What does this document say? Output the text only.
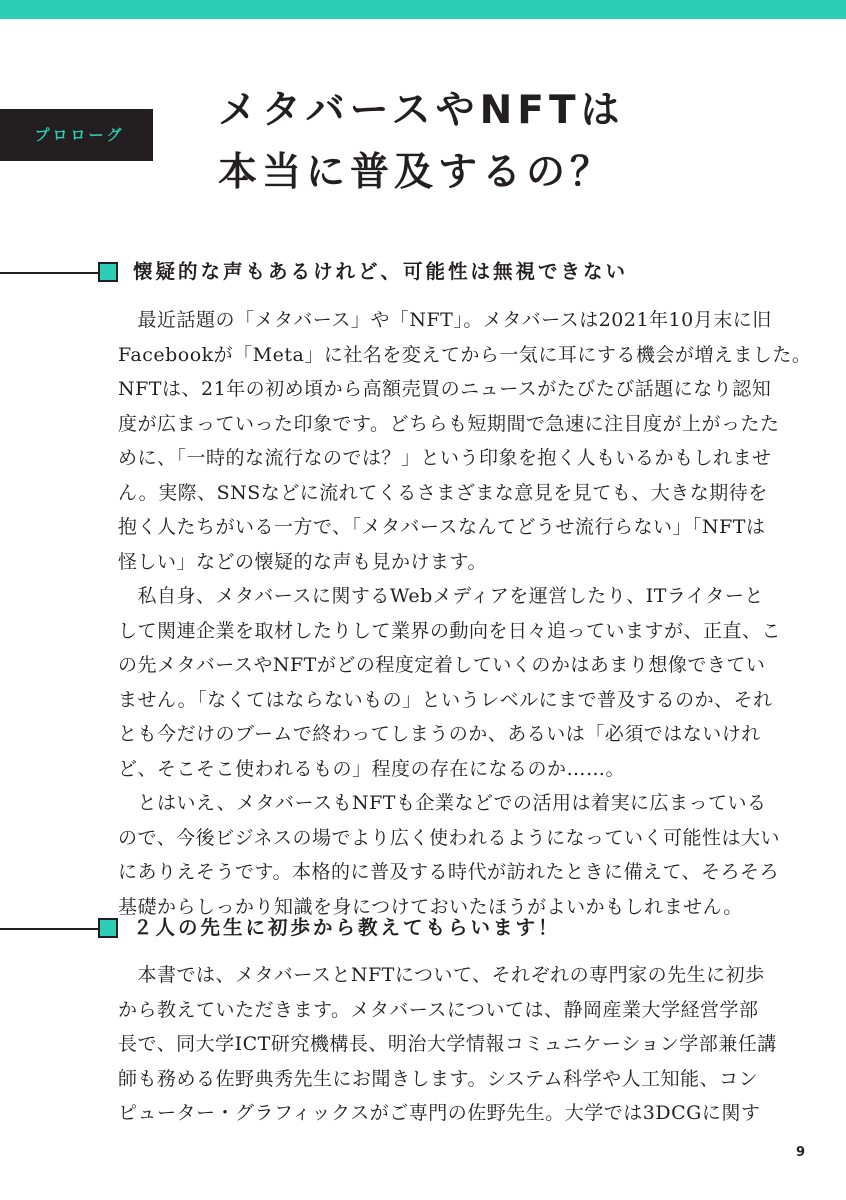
プロローグ
メタバースやNFTは
本当に普及するの？
懐疑的な声もあるけれど、可能性は無視できない
　最近話題の「メタバース」や「NFT」。メタバースは2021年10月末に旧
Facebookが「Meta」に社名を変えてから一気に耳にする機会が増えました。
NFTは、21年の初め頃から高額売買のニュースがたびたび話題になり認知
度が広まっていった印象です。どちらも短期間で急速に注目度が上がったた
めに、「一時的な流行なのでは？」という印象を抱く人もいるかもしれませ
ん。実際、SNSなどに流れてくるさまざまな意見を見ても、大きな期待を
抱く人たちがいる一方で、「メタバースなんてどうせ流行らない」「NFTは
怪しい」などの懐疑的な声も見かけます。
　私自身、メタバースに関するWebメディアを運営したり、ITライターと
して関連企業を取材したりして業界の動向を日々追っていますが、正直、こ
の先メタバースやNFTがどの程度定着していくのかはあまり想像できてい
ません。「なくてはならないもの」というレベルにまで普及するのか、それ
とも今だけのブームで終わってしまうのか、あるいは「必須ではないけれ
ど、そこそこ使われるもの」程度の存在になるのか……。
　とはいえ、メタバースもNFTも企業などでの活用は着実に広まっている
ので、今後ビジネスの場でより広く使われるようになっていく可能性は大い
にありえそうです。本格的に普及する時代が訪れたときに備えて、そろそろ
基礎からしっかり知識を身につけておいたほうがよいかもしれません。
２人の先生に初歩から教えてもらいます！
　本書では、メタバースとNFTについて、それぞれの専門家の先生に初歩
から教えていただきます。メタバースについては、静岡産業大学経営学部
長で、同大学ICT研究機構長、明治大学情報コミュニケーション学部兼任講
師も務める佐野典秀先生にお聞きします。システム科学や人工知能、コン
ピューター・グラフィックスがご専門の佐野先生。大学では3DCGに関す
9
